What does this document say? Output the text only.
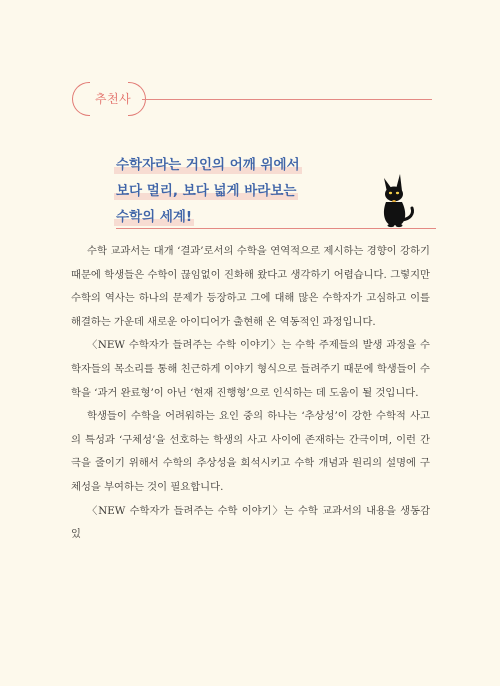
추천사
수학자라는 거인의 어깨 위에서
보다 멀리, 보다 넓게 바라보는
수학의 세계!

수학 교과서는 대개 ‘결과’로서의 수학을 연역적으로 제시하는 경향이 강하기 때문에 학생들은 수학이 끊임없이 진화해 왔다고 생각하기 어렵습니다. 그렇지만 수학의 역사는 하나의 문제가 등장하고 그에 대해 많은 수학자가 고심하고 이를 해결하는 가운데 새로운 아이디어가 출현해 온 역동적인 과정입니다.

〈NEW 수학자가 들려주는 수학 이야기〉는 수학 주제들의 발생 과정을 수학자들의 목소리를 통해 친근하게 이야기 형식으로 들려주기 때문에 학생들이 수학을 ‘과거 완료형’이 아닌 ‘현재 진행형’으로 인식하는 데 도움이 될 것입니다.

학생들이 수학을 어려워하는 요인 중의 하나는 ‘추상성’이 강한 수학적 사고의 특성과 ‘구체성’을 선호하는 학생의 사고 사이에 존재하는 간극이며, 이런 간극을 줄이기 위해서 수학의 추상성을 희석시키고 수학 개념과 원리의 설명에 구체성을 부여하는 것이 필요합니다.

〈NEW 수학자가 들려주는 수학 이야기〉는 수학 교과서의 내용을 생동감 있
